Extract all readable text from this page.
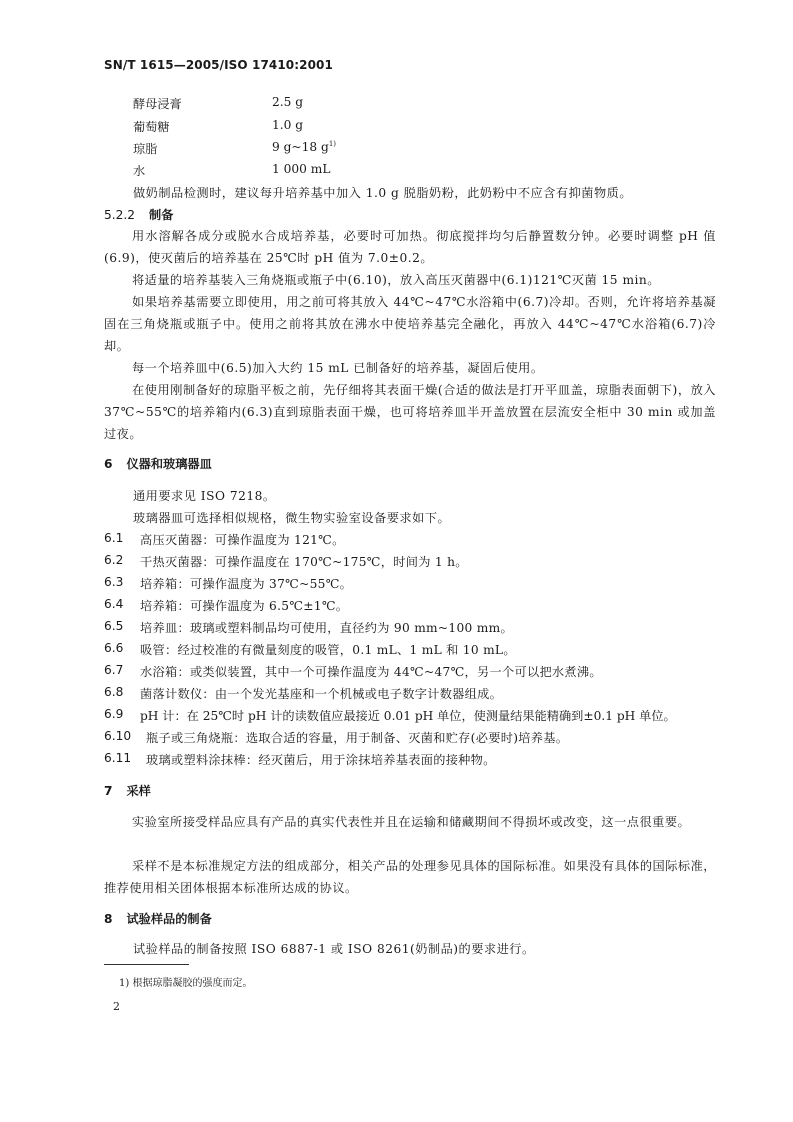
SN/T 1615—2005/ISO 17410:2001
酵母浸膏	2.5 g
葡萄糖	1.0 g
琼脂	9 g~18 $g^{1)}$
水	1 000 mL
做奶制品检测时，建议每升培养基中加入 1.0 g 脱脂奶粉，此奶粉中不应含有抑菌物质。
5.2.2 制备
用水溶解各成分或脱水合成培养基，必要时可加热。彻底搅拌均匀后静置数分钟。必要时调整 pH 值(6.9)，使灭菌后的培养基在 25℃时 pH 值为 7.0±0.2。
将适量的培养基装入三角烧瓶或瓶子中(6.10)，放入高压灭菌器中(6.1)121℃灭菌 15 min。
如果培养基需要立即使用，用之前可将其放入 44℃~47℃水浴箱中(6.7)冷却。否则，允许将培养基凝固在三角烧瓶或瓶子中。使用之前将其放在沸水中使培养基完全融化，再放入 44℃~47℃水浴箱(6.7)冷却。
每一个培养皿中(6.5)加入大约 15 mL 已制备好的培养基，凝固后使用。
在使用刚制备好的琼脂平板之前，先仔细将其表面干燥(合适的做法是打开平皿盖，琼脂表面朝下)，放入 37℃~55℃的培养箱内(6.3)直到琼脂表面干燥，也可将培养皿半开盖放置在层流安全柜中 30 min 或加盖过夜。
6 仪器和玻璃器皿
通用要求见 ISO 7218。
玻璃器皿可选择相似规格，微生物实验室设备要求如下。
6.1 高压灭菌器：可操作温度为 121℃。
6.2 干热灭菌器：可操作温度在 170℃~175℃，时间为 1 h。
6.3 培养箱：可操作温度为 37℃~55℃。
6.4 培养箱：可操作温度为 6.5℃±1℃。
6.5 培养皿：玻璃或塑料制品均可使用，直径约为 90 mm~100 mm。
6.6 吸管：经过校准的有微量刻度的吸管，0.1 mL、1 mL 和 10 mL。
6.7 水浴箱：或类似装置，其中一个可操作温度为 44℃~47℃，另一个可以把水煮沸。
6.8 菌落计数仪：由一个发光基座和一个机械或电子数字计数器组成。
6.9 pH 计：在 25℃时 pH 计的读数值应最接近 0.01 pH 单位，使测量结果能精确到±0.1 pH 单位。
6.10 瓶子或三角烧瓶：选取合适的容量，用于制备、灭菌和贮存(必要时)培养基。
6.11 玻璃或塑料涂抹棒：经灭菌后，用于涂抹培养基表面的接种物。
7 采样
实验室所接受样品应具有产品的真实代表性并且在运输和储藏期间不得损坏或改变，这一点很重要。
采样不是本标准规定方法的组成部分，相关产品的处理参见具体的国际标准。如果没有具体的国际标准，推荐使用相关团体根据本标准所达成的协议。
8 试验样品的制备
试验样品的制备按照 ISO 6887-1 或 ISO 8261(奶制品)的要求进行。
1) 根据琼脂凝胶的强度而定。
2
